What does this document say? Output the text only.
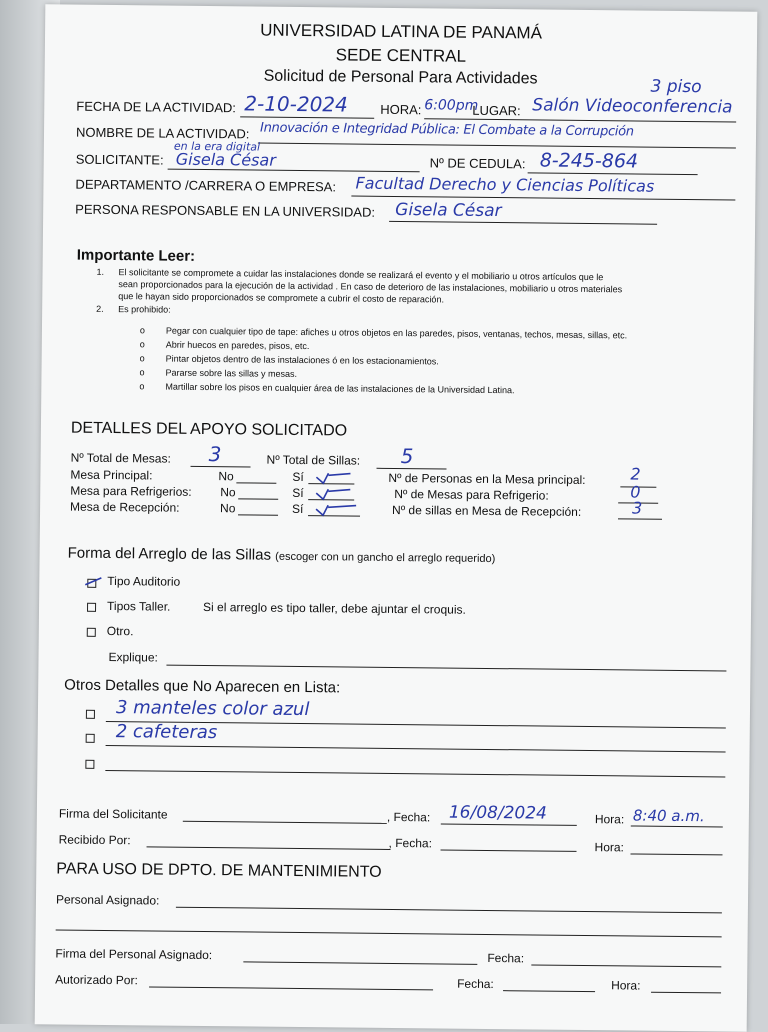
UNIVERSIDAD LATINA DE PANAMÁ
SEDE CENTRAL
Solicitud de Personal Para Actividades	3 piso
FECHA DE LA ACTIVIDAD: 2-10-2024 HORA: 6:00pm
LUGAR: Salón Videoconferencia
NOMBRE DE LA ACTIVIDAD: Innovación e Integridad Pública: El Combate a la Corrupción
en la era digital
SOLICITANTE: Gisela César	Nº DE CEDULA: 8-245-864
DEPARTAMENTO /CARRERA O EMPRESA: Facultad Derecho y Ciencias Políticas
PERSONA RESPONSABLE EN LA UNIVERSIDAD: Gisela César
Importante Leer:
1. El solicitante se compromete a cuidar las instalaciones donde se realizará el evento y el mobiliario u otros artículos que le
sean proporcionados para la ejecución de la actividad . En caso de deterioro de las instalaciones, mobiliario u otros materiales
que le hayan sido proporcionados se compromete a cubrir el costo de reparación.
2. Es prohibido:
o Pegar con cualquier tipo de tape: afiches u otros objetos en las paredes, pisos, ventanas, techos, mesas, sillas, etc.
o Abrir huecos en paredes, pisos, etc.
o Pintar objetos dentro de las instalaciones ó en los estacionamientos.
o Pararse sobre las sillas y mesas.
o Martillar sobre los pisos en cualquier área de las instalaciones de la Universidad Latina.
DETALLES DEL APOYO SOLICITADO
Nº Total de Mesas: 3	Nº Total de Sillas: 5
Mesa Principal:	No	Sí	Nº de Personas en la Mesa principal:	2
Mesa para Refrigerios: No	Sí	Nº de Mesas para Refrigerio:	0
Mesa de Recepción:	No	Sí	Nº de sillas en Mesa de Recepción:	3
Forma del Arreglo de las Sillas (escoger con un gancho el arreglo requerido)
Tipo Auditorio
Tipos Taller.	Si el arreglo es tipo taller, debe ajuntar el croquis.
Otro.
Explique:
Otros Detalles que No Aparecen en Lista:
3 manteles color azul
2 cafeteras
Firma del Solicitante	, Fecha: 16/08/2024	Hora: 8:40 a.m.
Recibido Por:	, Fecha:	Hora:
PARA USO DE DPTO. DE MANTENIMIENTO
Personal Asignado:
Firma del Personal Asignado:	Fecha:
Autorizado Por:	Fecha:	Hora:
